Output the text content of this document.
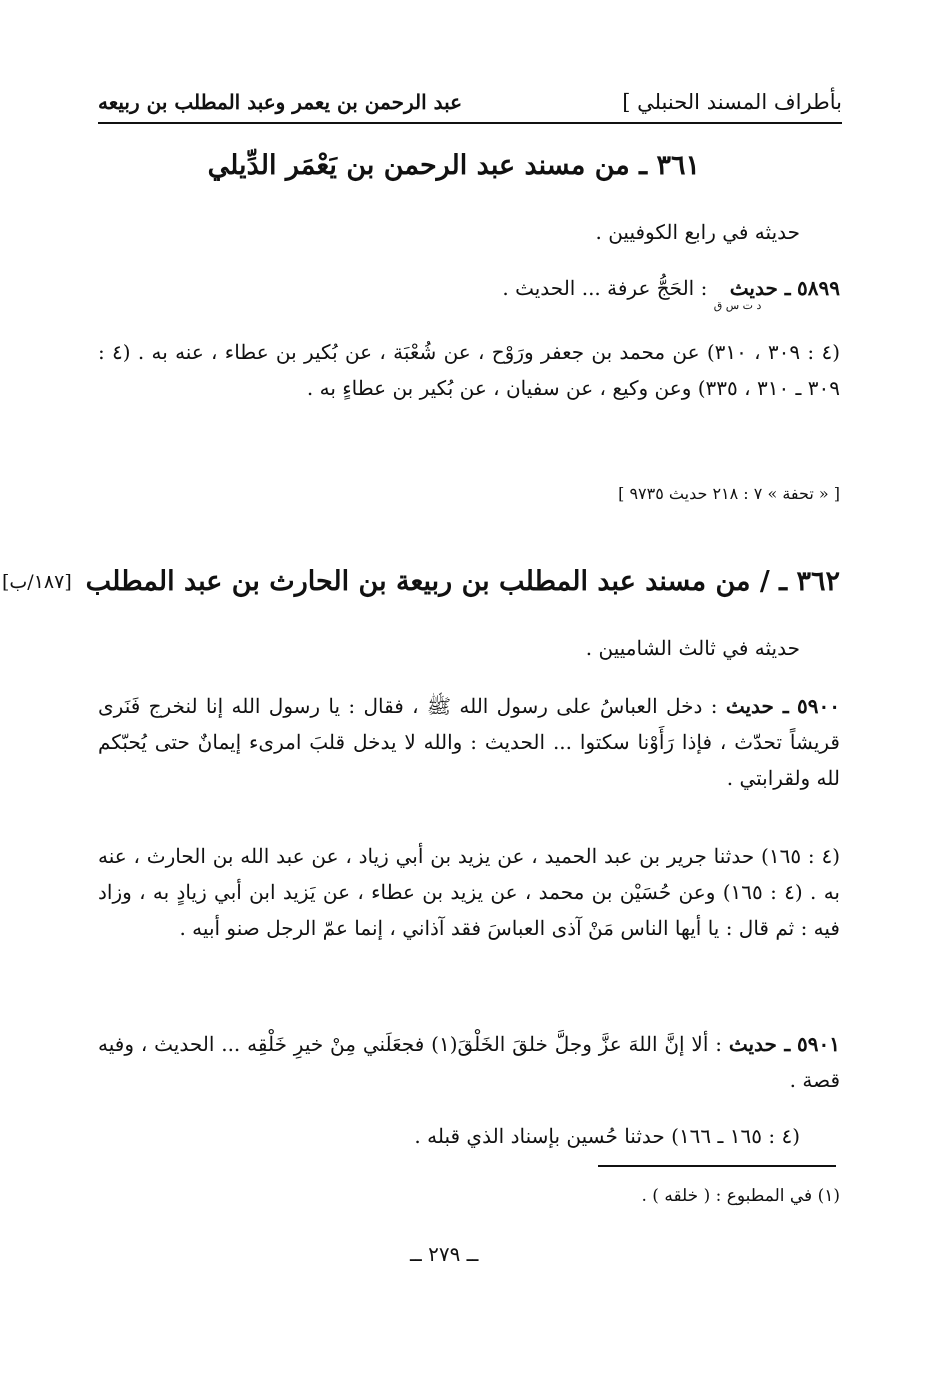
بأطراف المسند الحنبلي ]
عبد الرحمن بن يعمر وعبد المطلب بن ربيعه
٣٦١ ـ من مسند عبد الرحمن بن يَعْمَر الدِّيلي
حديثه في رابع الكوفيين .
٥٨٩٩ ـ حديث $_{د ت س ق}$ : الحَجُّ عرفة ... الحديث .
(٤ : ٣٠٩ ، ٣١٠) عن محمد بن جعفر ورَوْح ، عن شُعْبَة ، عن بُكير بن عطاء ، عنه به . (٤ : ٣٠٩ ـ ٣١٠ ، ٣٣٥) وعن وكيع ، عن سفيان ، عن بُكير بن عطاءٍ به .
[ « تحفة » ٧ : ٢١٨ حديث ٩٧٣٥ ]
[١٨٧/ب] ٣٦٢ ـ / من مسند عبد المطلب بن ربيعة بن الحارث بن عبد المطلب
حديثه في ثالث الشاميين .
٥٩٠٠ ـ حديث : دخل العباسُ على رسول الله ﷺ ، فقال : يا رسول الله إنا لنخرج فَنَرى قريشاً تحدّث ، فإذا رَأَوْنا سكتوا ... الحديث : والله لا يدخل قلبَ امرىء إيمانٌ حتى يُحبّكم لله ولقرابتي .
(٤ : ١٦٥) حدثنا جرير بن عبد الحميد ، عن يزيد بن أبي زياد ، عن عبد الله بن الحارث ، عنه به . (٤ : ١٦٥) وعن حُسَيْن بن محمد ، عن يزيد بن عطاء ، عن يَزيد ابن أبي زيادٍ به ، وزاد فيه : ثم قال : يا أيها الناس مَنْ آذى العباسَ فقد آذاني ، إنما عمّ الرجل صنو أبيه .
٥٩٠١ ـ حديث : ألا إنَّ اللهَ عزَّ وجلَّ خلقَ الخَلْقَ(١) فجعَلَني مِنْ خيرِ خَلْقِه ... الحديث ، وفيه قصة .
(٤ : ١٦٥ ـ ١٦٦) حدثنا حُسين بإسناد الذي قبله .
(١) في المطبوع : ( خلقه ) .
ــ ٢٧٩ ــ
